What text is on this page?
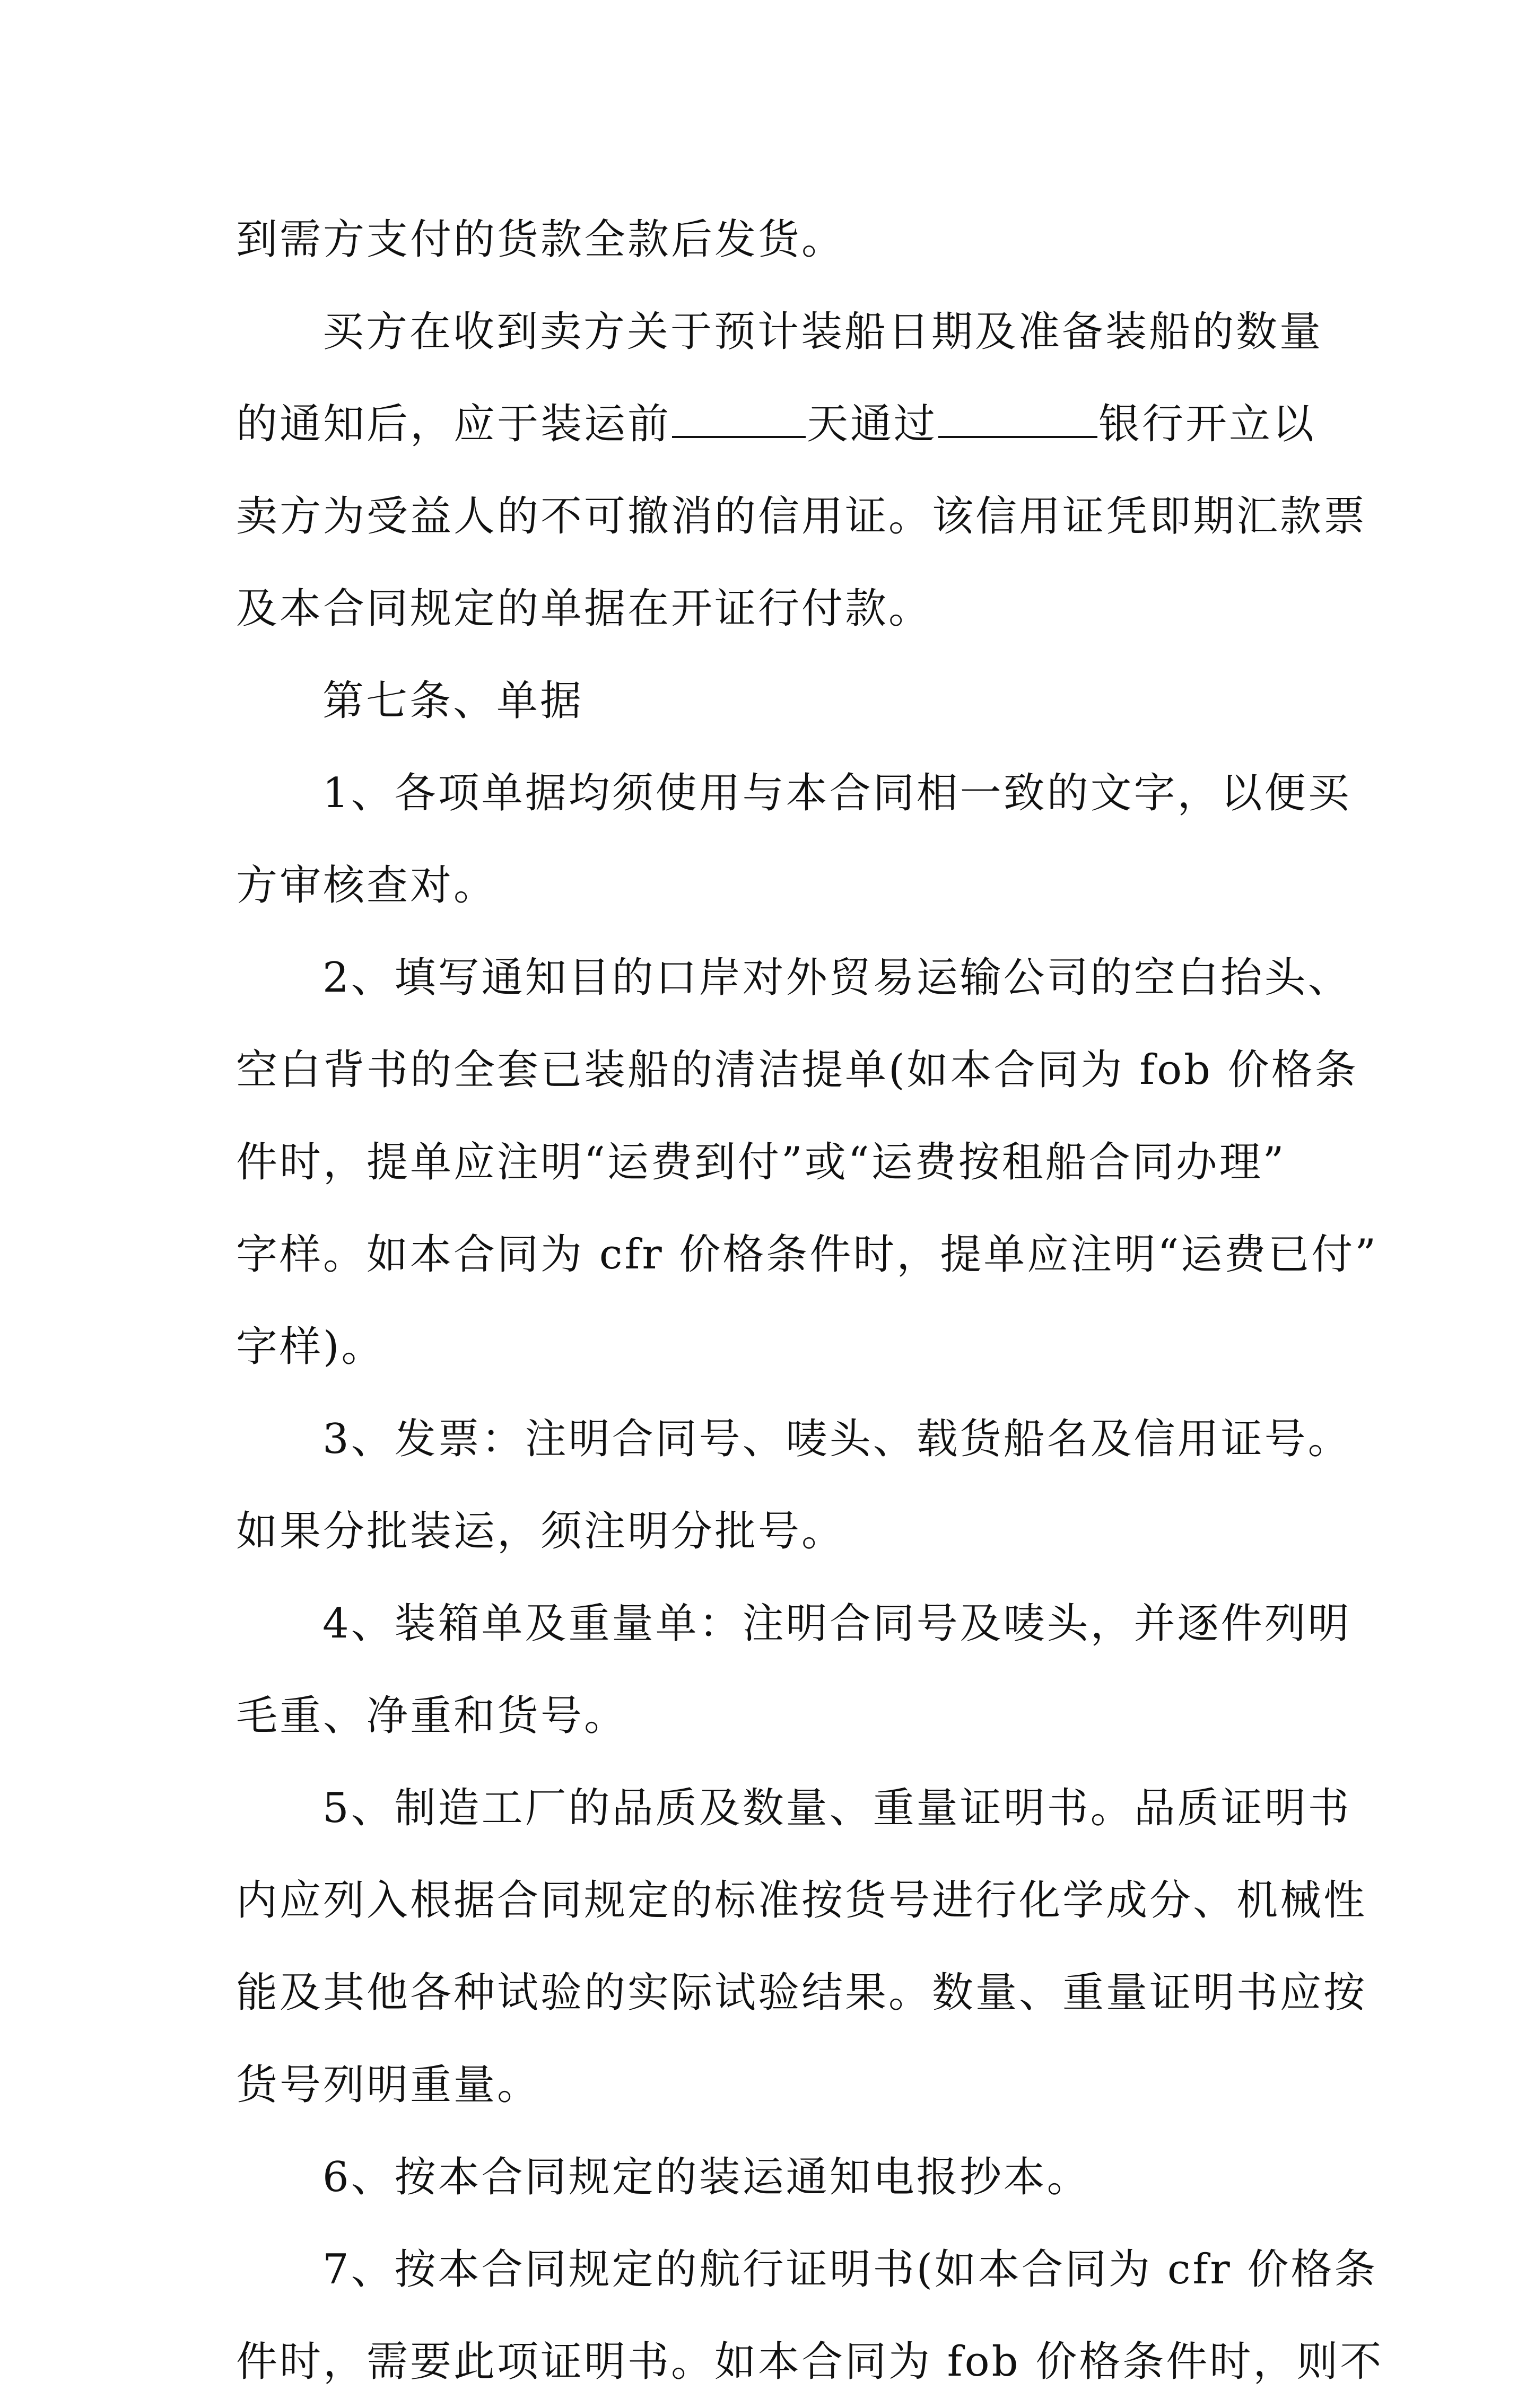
到需方支付的货款全款后发货。
买方在收到卖方关于预计装船日期及准备装船的数量
的通知后，应于装运前	天通过	银行开立以
卖方为受益人的不可撤消的信用证。该信用证凭即期汇款票
及本合同规定的单据在开证行付款。
第七条、单据
1、各项单据均须使用与本合同相一致的文字，以便买
方审核查对。
2、填写通知目的口岸对外贸易运输公司的空白抬头、
空白背书的全套已装船的清洁提单(如本合同为 fob 价格条
件时，提单应注明“运费到付”或“运费按租船合同办理”
字样。如本合同为 cfr 价格条件时，提单应注明“运费已付”
字样)。
3、发票：注明合同号、唛头、载货船名及信用证号。
如果分批装运，须注明分批号。
4、装箱单及重量单：注明合同号及唛头，并逐件列明
毛重、净重和货号。
5、制造工厂的品质及数量、重量证明书。品质证明书
内应列入根据合同规定的标准按货号进行化学成分、机械性
能及其他各种试验的实际试验结果。数量、重量证明书应按
货号列明重量。
6、按本合同规定的装运通知电报抄本。
7、按本合同规定的航行证明书(如本合同为 cfr 价格条
件时，需要此项证明书。如本合同为 fob 价格条件时，则不
